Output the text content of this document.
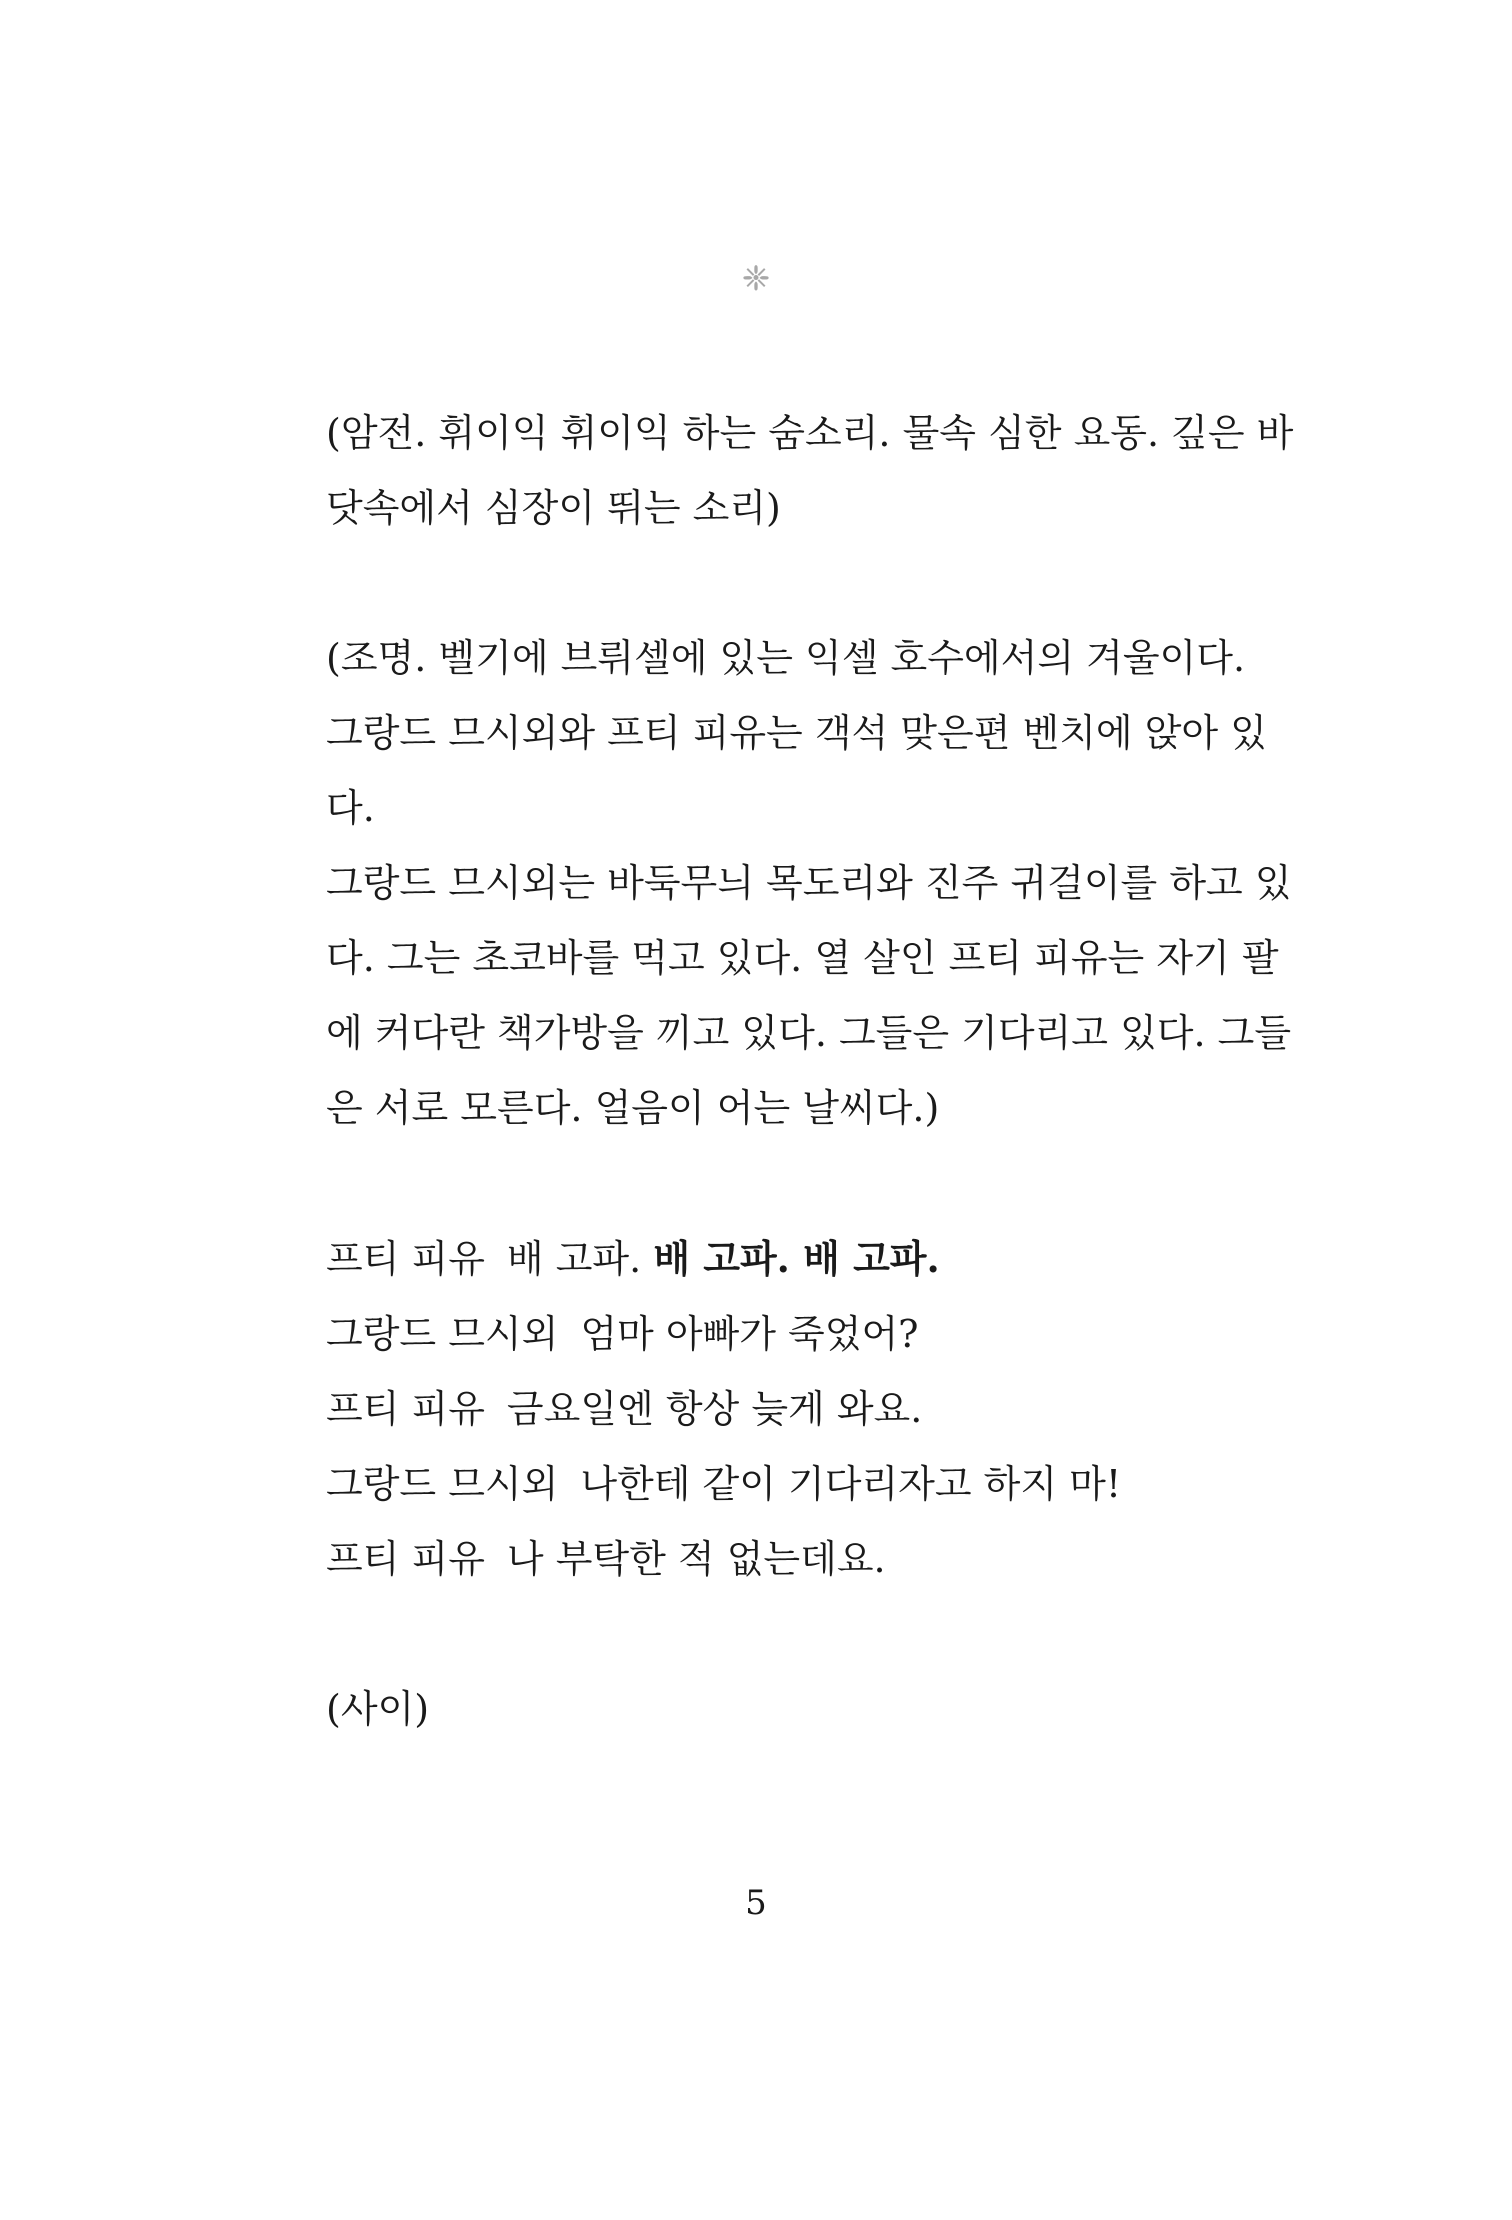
❈

(암전. 휘이익 휘이익 하는 숨소리. 물속 심한 요동. 깊은 바
닷속에서 심장이 뛰는 소리)

(조명. 벨기에 브뤼셀에 있는 익셀 호수에서의 겨울이다.
그랑드 므시외와 프티 피유는 객석 맞은편 벤치에 앉아 있
다.
그랑드 므시외는 바둑무늬 목도리와 진주 귀걸이를 하고 있
다. 그는 초코바를 먹고 있다. 열 살인 프티 피유는 자기 팔
에 커다란 책가방을 끼고 있다. 그들은 기다리고 있다. 그들
은 서로 모른다. 얼음이 어는 날씨다.)

프티 피유 배 고파. 배 고파. 배 고파.
그랑드 므시외 엄마 아빠가 죽었어?
프티 피유 금요일엔 항상 늦게 와요.
그랑드 므시외 나한테 같이 기다리자고 하지 마!
프티 피유 나 부탁한 적 없는데요.
(사이)
5
